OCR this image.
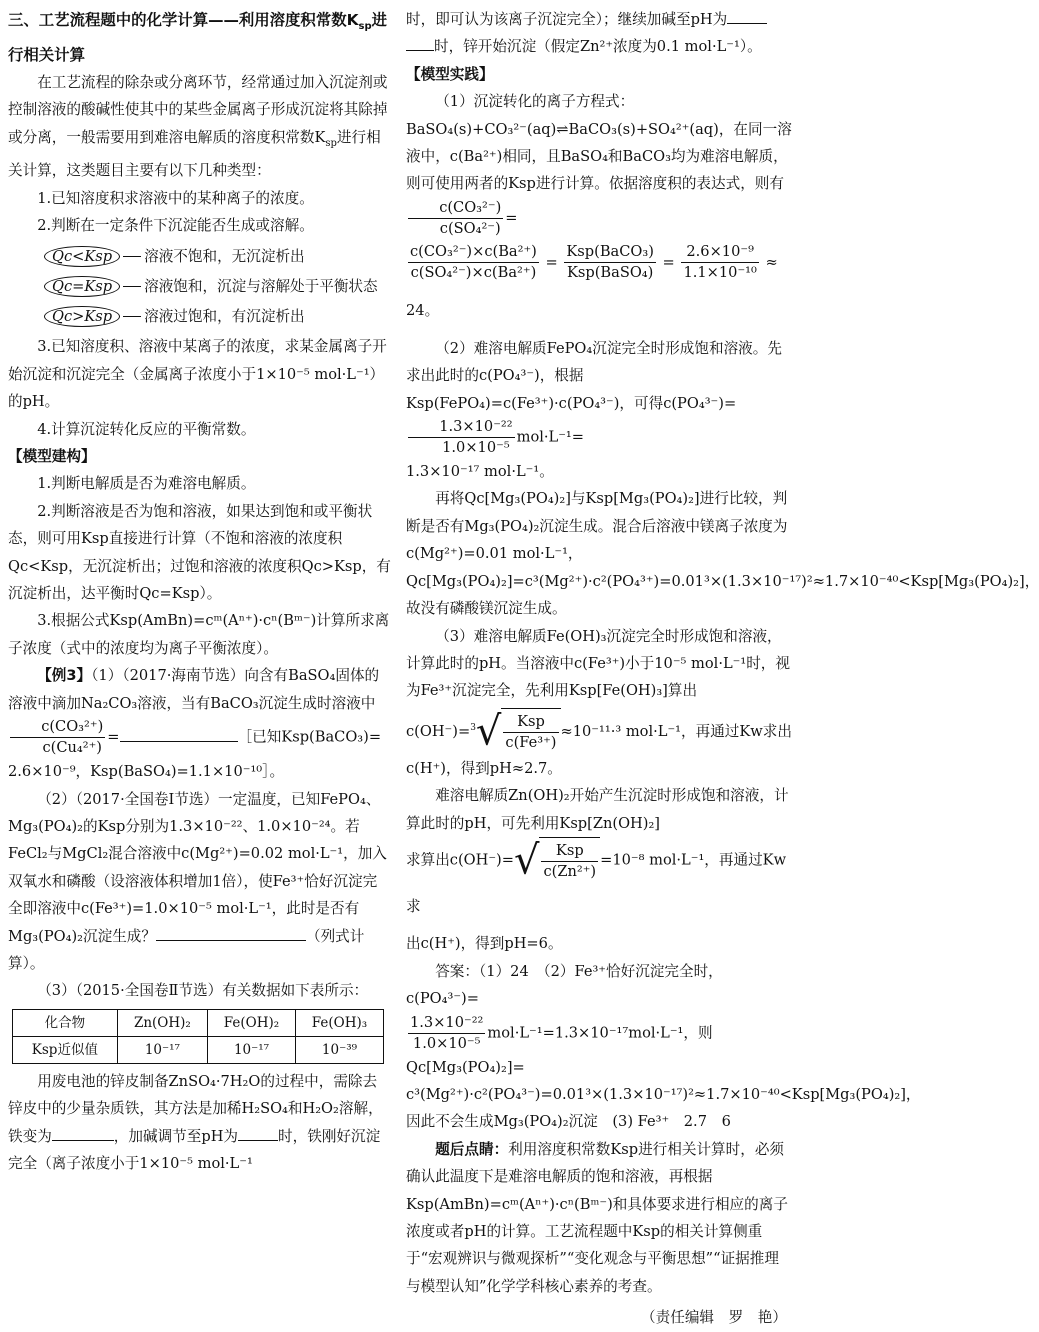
三、工艺流程题中的化学计算——利用溶度积常数$K_{sp}$进行相关计算

在工艺流程的除杂或分离环节，经常通过加入沉淀剂或控制溶液的酸碱性使其中的某些金属离子形成沉淀将其除掉或分离，一般需要用到难溶电解质的溶度积常数$K_{sp}$进行相关计算，这类题目主要有以下几种类型：

1.已知溶度积求溶液中的某种离子的浓度。

2.判断在一定条件下沉淀能否生成或溶解。

Qc<Ksp	溶液不饱和，无沉淀析出
Qc=Ksp	溶液饱和，沉淀与溶解处于平衡状态
Qc>Ksp	溶液过饱和，有沉淀析出

3.已知溶度积、溶液中某离子的浓度，求某金属离子开始沉淀和沉淀完全（金属离子浓度小于1×10⁻⁵ mol·L⁻¹）的pH。

4.计算沉淀转化反应的平衡常数。

【模型建构】

1.判断电解质是否为难溶电解质。

2.判断溶液是否为饱和溶液，如果达到饱和或平衡状态，则可用Ksp直接进行计算（不饱和溶液的浓度积Qc<Ksp，无沉淀析出；过饱和溶液的浓度积Qc>Ksp，有沉淀析出，达平衡时Qc=Ksp）。

3.根据公式Ksp(AmBn)=cᵐ(Aⁿ⁺)·cⁿ(Bᵐ⁻)计算所求离子浓度（式中的浓度均为离子平衡浓度）。

【例3】（1）（2017·海南节选）向含有BaSO₄固体的溶液中滴加Na₂CO₃溶液，当有BaCO₃沉淀生成时溶液中
$\frac{\text{c(CO₃²⁺)}}{\text{c(Cu₄²⁺)}}$ =	［已知Ksp(BaCO₃)=

2.6×10⁻⁹，Ksp(BaSO₄)=1.1×10⁻¹⁰］。

（2）（2017·全国卷Ⅰ节选）一定温度，已知FePO₄、Mg₃(PO₄)₂的Ksp分别为1.3×10⁻²²、1.0×10⁻²⁴。若FeCl₂与MgCl₂混合溶液中c(Mg²⁺)=0.02 mol·L⁻¹，加入双氧水和磷酸（设溶液体积增加1倍），使Fe³⁺恰好沉淀完全即溶液中c(Fe³⁺)=1.0×10⁻⁵ mol·L⁻¹，此时是否有Mg₃(PO₄)₂沉淀生成？	（列式计算）。

（3）（2015·全国卷Ⅱ节选）有关数据如下表所示：

化合物	Zn(OH)₂	Fe(OH)₂	Fe(OH)₃
Ksp近似值	10⁻¹⁷	10⁻¹⁷	10⁻³⁹

用废电池的锌皮制备ZnSO₄·7H₂O的过程中，需除去锌皮中的少量杂质铁，其方法是加稀H₂SO₄和H₂O₂溶解，铁变为	，加碱调节至pH为	时，铁刚好沉淀完全（离子浓度小于1×10⁻⁵ mol·L⁻¹

时，即可认为该离子沉淀完全）；继续加碱至pH为

时，锌开始沉淀（假定Zn²⁺浓度为0.1 mol·L⁻¹）。

【模型实践】

（1）沉淀转化的离子方程式：BaSO₄(s)+CO₃²⁻(aq)⇌BaCO₃(s)+SO₄²⁺(aq)，在同一溶液中，c(Ba²⁺)相同，且BaSO₄和BaCO₃均为难溶电解质，则可使用两者的Ksp进行计算。依据溶度积的表达式，则有
$\frac{\text{c(CO₃²⁻)}}{\text{c(SO₄²⁻)}}$ =

$\frac{\text{c(CO₃²⁻)×c(Ba²⁺)}}{\text{c(SO₄²⁻)×c(Ba²⁺)}} = \frac{\text{Ksp(BaCO₃)}}{\text{Ksp(BaSO₄)}} = \frac{\text{2.6×10⁻⁹}}{\text{1.1×10⁻¹⁰}} \approx 24$。

（2）难溶电解质FePO₄沉淀完全时形成饱和溶液。先求出此时的c(PO₄³⁻)，根据Ksp(FePO₄)=c(Fe³⁺)·c(PO₄³⁻)，可得c(PO₄³⁻)=
$\frac{\text{1.3×10⁻²²}}{\text{1.0×10⁻⁵}} mol\cdot L^{-1}=$

1.3×10⁻¹⁷ mol·L⁻¹。

再将Qc[Mg₃(PO₄)₂]与Ksp[Mg₃(PO₄)₂]进行比较，判断是否有Mg₃(PO₄)₂沉淀生成。混合后溶液中镁离子浓度为c(Mg²⁺)=0.01 mol·L⁻¹，Qc[Mg₃(PO₄)₂]=c³(Mg²⁺)·c²(PO₄³⁺)=0.01³×(1.3×10⁻¹⁷)²≈1.7×10⁻⁴⁰<Ksp[Mg₃(PO₄)₂]，故没有磷酸镁沉淀生成。

（3）难溶电解质Fe(OH)₃沉淀完全时形成饱和溶液，计算此时的pH。当溶液中c(Fe³⁺)小于10⁻⁵ mol·L⁻¹时，视为Fe³⁺沉淀完全，先利用Ksp[Fe(OH)₃]算出

$c(OH^-)=^3√ \frac{\text{Ksp}}{\text{c(Fe³⁺)}} \approx 10^{-11}\cdot^3$ mol·L⁻¹，再通过Kw求出

c(H⁺)，得到pH≈2.7。

难溶电解质Zn(OH)₂开始产生沉淀时形成饱和溶液，计算此时的pH，可先利用Ksp[Zn(OH)₂]

求算出$c(OH^-)=√ \frac{\text{Ksp}}{\text{c(Zn²⁺)}} =10^{-8}$ mol·L⁻¹，再通过Kw求

出c(H⁺)，得到pH=6。

答案：（1）24　（2）Fe³⁺恰好沉淀完全时，c(PO₄³⁻)=

$\frac{\text{1.3×10⁻²²}}{\text{1.0×10⁻⁵}} mol\cdot L^{-1}=1.3\times 10^{-17}mol\cdot L^{-1}$，则Qc[Mg₃(PO₄)₂]=

c³(Mg²⁺)·c²(PO₄³⁻)=0.01³×(1.3×10⁻¹⁷)²≈1.7×10⁻⁴⁰<Ksp[Mg₃(PO₄)₂]，因此不会生成Mg₃(PO₄)₂沉淀　(3) Fe³⁺　2.7　6

题后点睛：利用溶度积常数Ksp进行相关计算时，必须确认此温度下是难溶电解质的饱和溶液，再根据Ksp(AmBn)=cᵐ(Aⁿ⁺)·cⁿ(Bᵐ⁻)和具体要求进行相应的离子浓度或者pH的计算。工艺流程题中Ksp的相关计算侧重于“宏观辨识与微观探析”“变化观念与平衡思想”“证据推理与模型认知”化学学科核心素养的考查。

（责任编辑　罗　艳）
